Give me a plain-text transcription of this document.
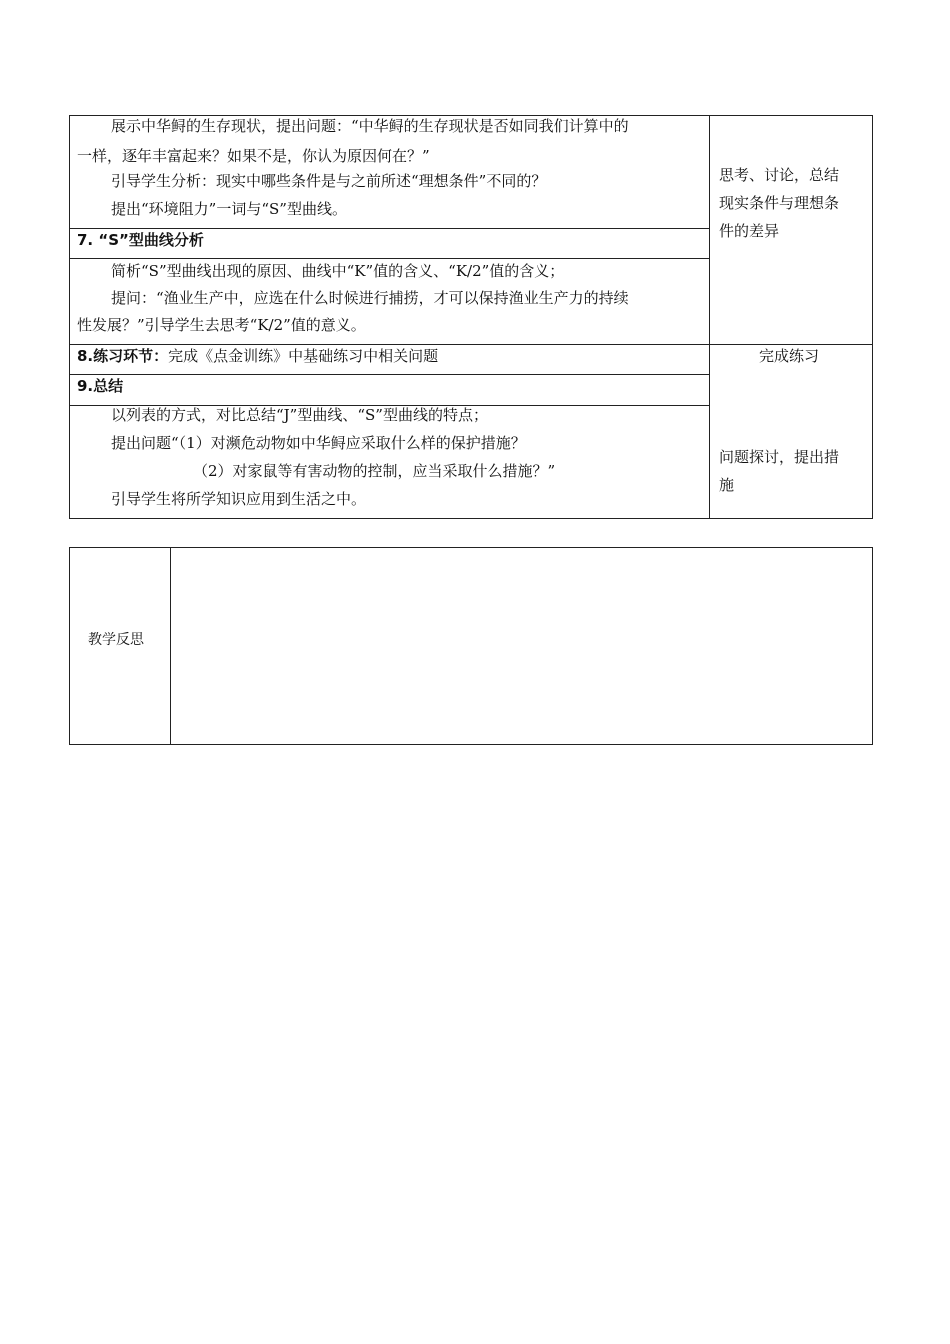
展示中华鲟的生存现状，提出问题：“中华鲟的生存现状是否如同我们计算中的
一样，逐年丰富起来？如果不是，你认为原因何在？”
引导学生分析：现实中哪些条件是与之前所述“理想条件”不同的？
提出“环境阻力”一词与“S”型曲线。
7. “S”型曲线分析
简析“S”型曲线出现的原因、曲线中“K”值的含义、“K/2”值的含义；
提问：“渔业生产中，应选在什么时候进行捕捞，才可以保持渔业生产力的持续
性发展？”引导学生去思考“K/2”值的意义。
思考、讨论，总结
现实条件与理想条
件的差异
8.练习环节：完成《点金训练》中基础练习中相关问题	完成练习
9.总结
以列表的方式，对比总结“J”型曲线、“S”型曲线的特点；
提出问题“（1）对濒危动物如中华鲟应采取什么样的保护措施？
（2）对家鼠等有害动物的控制，应当采取什么措施？”
引导学生将所学知识应用到生活之中。
问题探讨，提出措
施
教学反思
